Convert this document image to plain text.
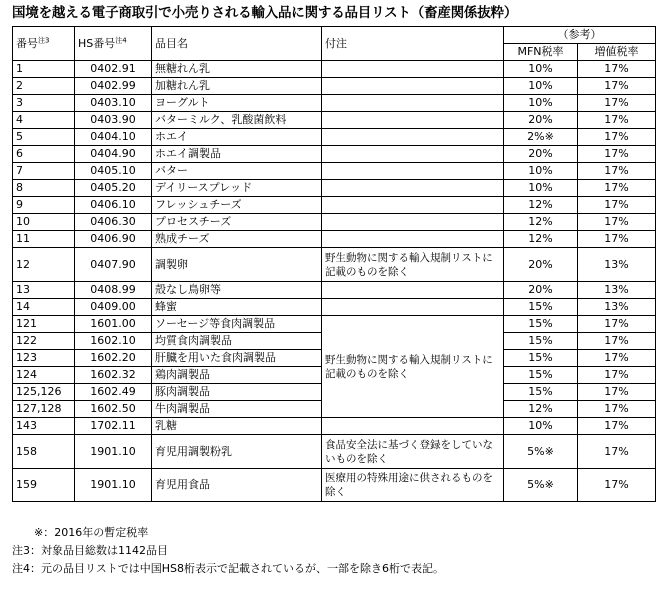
国境を越える電子商取引で小売りされる輸入品に関する品目リスト（畜産関係抜粋）
番号$^{注3}$	HS番号$^{注4}$	品目名	付注	（参考）	
				MFN税率	増値税率
1	0402.91	無糖れん乳		10%	17%
2	0402.99	加糖れん乳		10%	17%
3	0403.10	ヨーグルト		10%	17%
4	0403.90	バターミルク、乳酸菌飲料		20%	17%
5	0404.10	ホエイ		2%※	17%
6	0404.90	ホエイ調製品		20%	17%
7	0405.10	バター		10%	17%
8	0405.20	デイリースプレッド		10%	17%
9	0406.10	フレッシュチーズ		12%	17%
10	0406.30	プロセスチーズ		12%	17%
11	0406.90	熟成チーズ		12%	17%
12	0407.90	調製卵	野生動物に関する輸入規制リストに記載のものを除く	20%	13%
13	0408.99	殻なし鳥卵等		20%	13%
14	0409.00	蜂蜜		15%	13%
121	1601.00	ソーセージ等食肉調製品	野生動物に関する輸入規制リストに記載のものを除く	15%	17%
122	1602.10	均質食肉調製品		15%	17%
123	1602.20	肝臓を用いた食肉調製品		15%	17%
124	1602.32	鶏肉調製品		15%	17%
125,126	1602.49	豚肉調製品		15%	17%
127,128	1602.50	牛肉調製品		12%	17%
143	1702.11	乳糖		10%	17%
158	1901.10	育児用調製粉乳	食品安全法に基づく登録をしていないものを除く	5%※	17%
159	1901.10	育児用食品	医療用の特殊用途に供されるものを除く	5%※	17%
※：2016年の暫定税率
注3：対象品目総数は1142品目
注4：元の品目リストでは中国HS8桁表示で記載されているが、一部を除き6桁で表記。
